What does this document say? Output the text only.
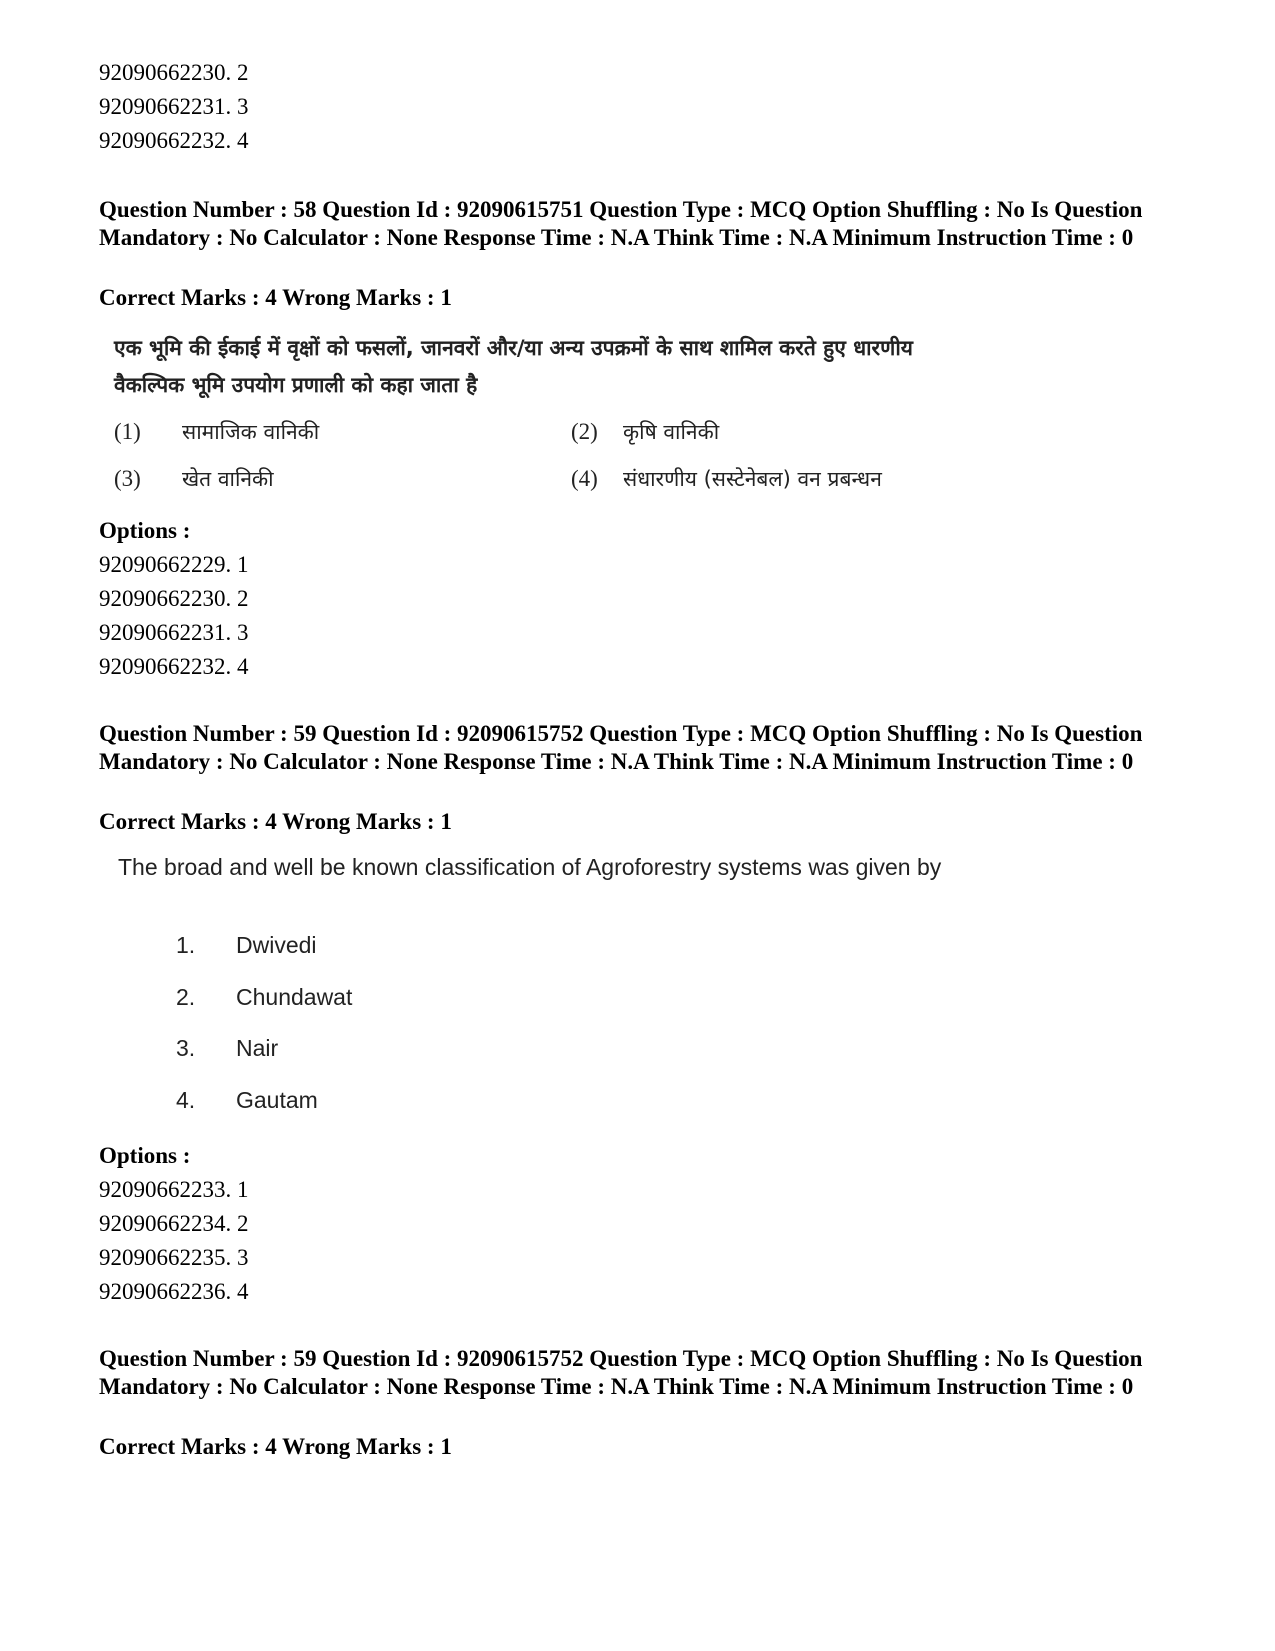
92090662230. 2
92090662231. 3
92090662232. 4
Question Number : 58 Question Id : 92090615751 Question Type : MCQ Option Shuffling : No Is Question Mandatory : No Calculator : None Response Time : N.A Think Time : N.A Minimum Instruction Time : 0
Correct Marks : 4 Wrong Marks : 1
एक भूमि की ईकाई में वृक्षों को फसलों, जानवरों और/या अन्य उपक्रमों के साथ शामिल करते हुए धारणीय
वैकल्पिक भूमि उपयोग प्रणाली को कहा जाता है
(1) सामाजिक वानिकी	(2) कृषि वानिकी
(3) खेत वानिकी	(4) संधारणीय (सस्टेनेबल) वन प्रबन्धन
Options :
92090662229. 1
92090662230. 2
92090662231. 3
92090662232. 4
Question Number : 59 Question Id : 92090615752 Question Type : MCQ Option Shuffling : No Is Question Mandatory : No Calculator : None Response Time : N.A Think Time : N.A Minimum Instruction Time : 0
Correct Marks : 4 Wrong Marks : 1
The broad and well be known classification of Agroforestry systems was given by
1. Dwivedi
2. Chundawat
3. Nair
4. Gautam
Options :
92090662233. 1
92090662234. 2
92090662235. 3
92090662236. 4
Question Number : 59 Question Id : 92090615752 Question Type : MCQ Option Shuffling : No Is Question Mandatory : No Calculator : None Response Time : N.A Think Time : N.A Minimum Instruction Time : 0
Correct Marks : 4 Wrong Marks : 1
